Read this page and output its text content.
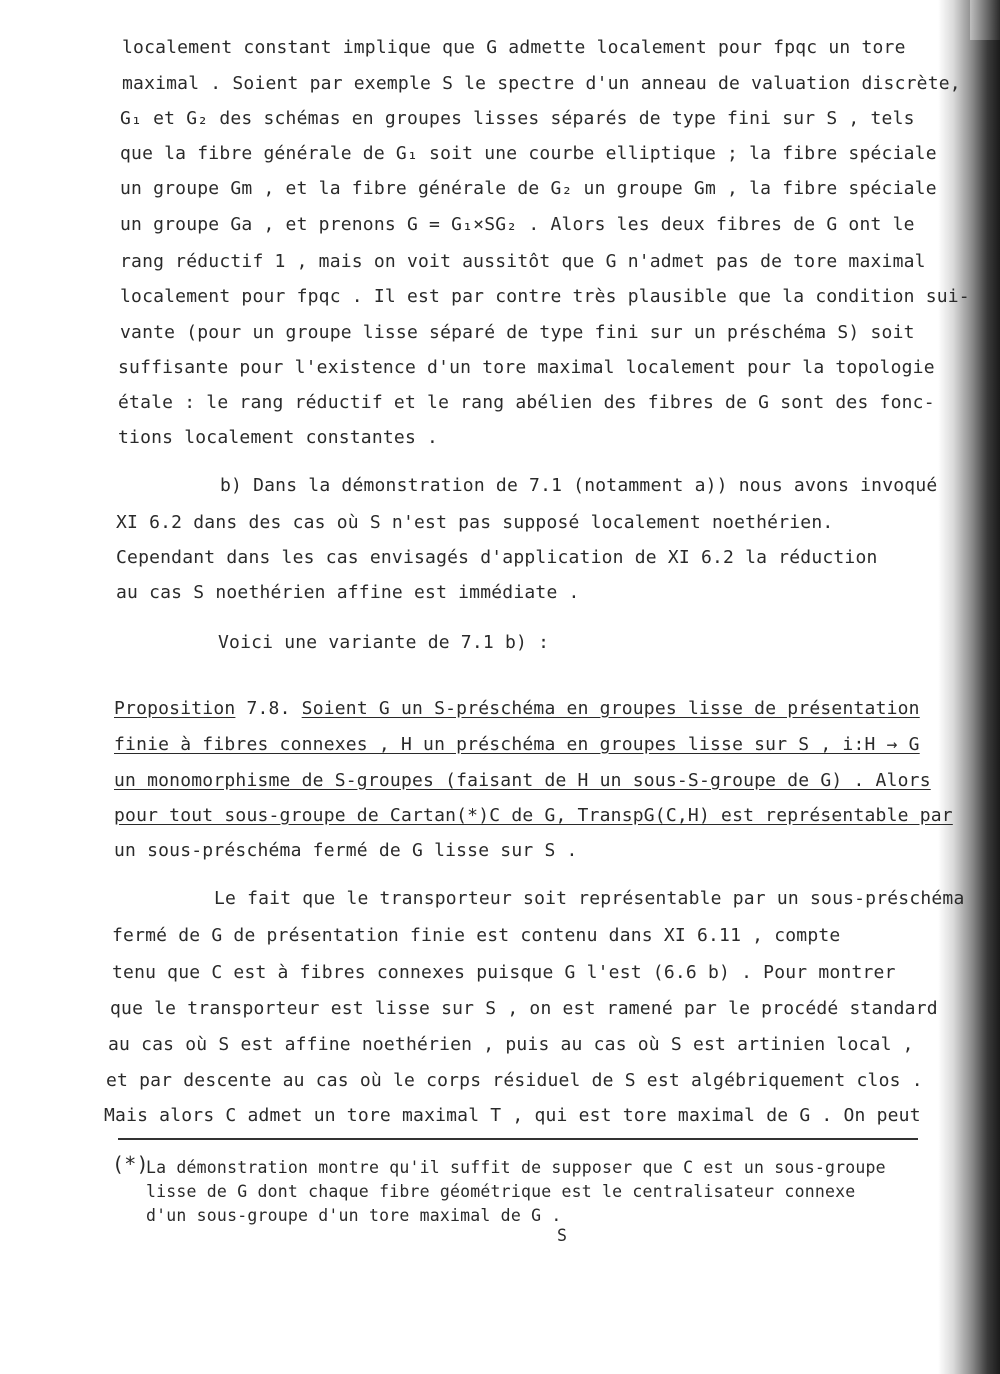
localement constant implique que G admette localement pour fpqc un tore
maximal . Soient par exemple S le spectre d'un anneau de valuation discrète,
G₁ et G₂ des schémas en groupes lisses séparés de type fini sur S , tels
que la fibre générale de G₁ soit une courbe elliptique ; la fibre spéciale
un groupe Gm , et la fibre générale de G₂ un groupe Gm , la fibre spéciale
un groupe Ga , et prenons G = G₁×SG₂ . Alors les deux fibres de G ont le
rang réductif 1 , mais on voit aussitôt que G n'admet pas de tore maximal
localement pour fpqc . Il est par contre très plausible que la condition sui-
vante (pour un groupe lisse séparé de type fini sur un préschéma S) soit
suffisante pour l'existence d'un tore maximal localement pour la topologie
étale : le rang réductif et le rang abélien des fibres de G sont des fonc-
tions localement constantes .
b) Dans la démonstration de 7.1 (notamment a)) nous avons invoqué
XI 6.2 dans des cas où S n'est pas supposé localement noethérien.
Cependant dans les cas envisagés d'application de XI 6.2 la réduction
au cas S noethérien affine est immédiate .
Voici une variante de 7.1 b) :
Proposition 7.8. Soient G un S-préschéma en groupes lisse de présentation
finie à fibres connexes , H un préschéma en groupes lisse sur S , i:H → G
un monomorphisme de S-groupes (faisant de H un sous-S-groupe de G) . Alors
pour tout sous-groupe de Cartan(*)C de G, TranspG(C,H) est représentable par
un sous-préschéma fermé de G lisse sur S .
Le fait que le transporteur soit représentable par un sous-préschéma
fermé de G de présentation finie est contenu dans XI 6.11 , compte
tenu que C est à fibres connexes puisque G l'est (6.6 b) . Pour montrer
que le transporteur est lisse sur S , on est ramené par le procédé standard
au cas où S est affine noethérien , puis au cas où S est artinien local ,
et par descente au cas où le corps résiduel de S est algébriquement clos .
Mais alors C admet un tore maximal T , qui est tore maximal de G . On peut
(*)
La démonstration montre qu'il suffit de supposer que C est un sous-groupe
lisse de G dont chaque fibre géométrique est le centralisateur connexe
d'un sous-groupe d'un tore maximal de G .
S
